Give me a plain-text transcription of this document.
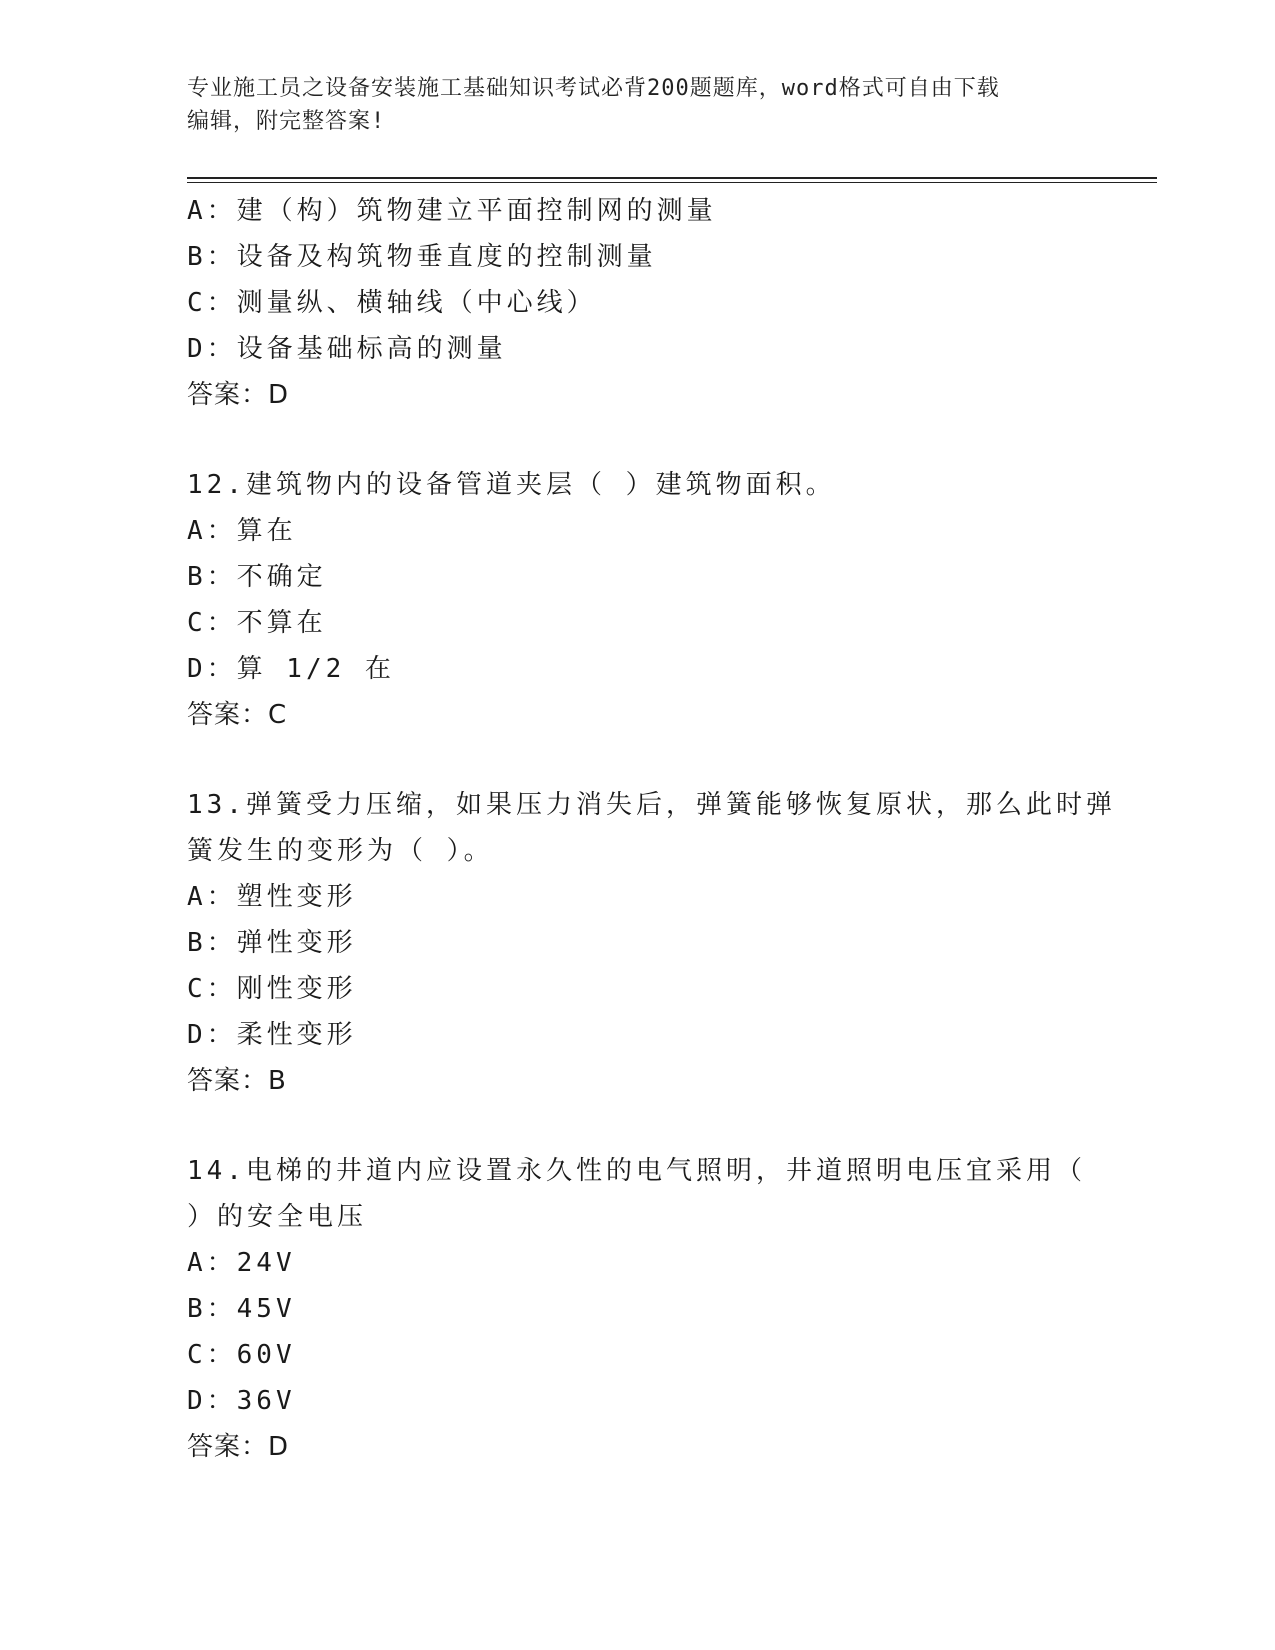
专业施工员之设备安装施工基础知识考试必背200题题库，word格式可自由下载
编辑，附完整答案!
A：建（构）筑物建立平面控制网的测量
B：设备及构筑物垂直度的控制测量
C：测量纵、横轴线（中心线）
D：设备基础标高的测量
答案：D
12.建筑物内的设备管道夹层（ ）建筑物面积。
A：算在
B：不确定
C：不算在
D：算 1/2 在
答案：C
13.弹簧受力压缩，如果压力消失后，弹簧能够恢复原状，那么此时弹
簧发生的变形为（ ）。
A：塑性变形
B：弹性变形
C：刚性变形
D：柔性变形
答案：B
14.电梯的井道内应设置永久性的电气照明，井道照明电压宜采用（
）的安全电压
A：24V
B：45V
C：60V
D：36V
答案：D
